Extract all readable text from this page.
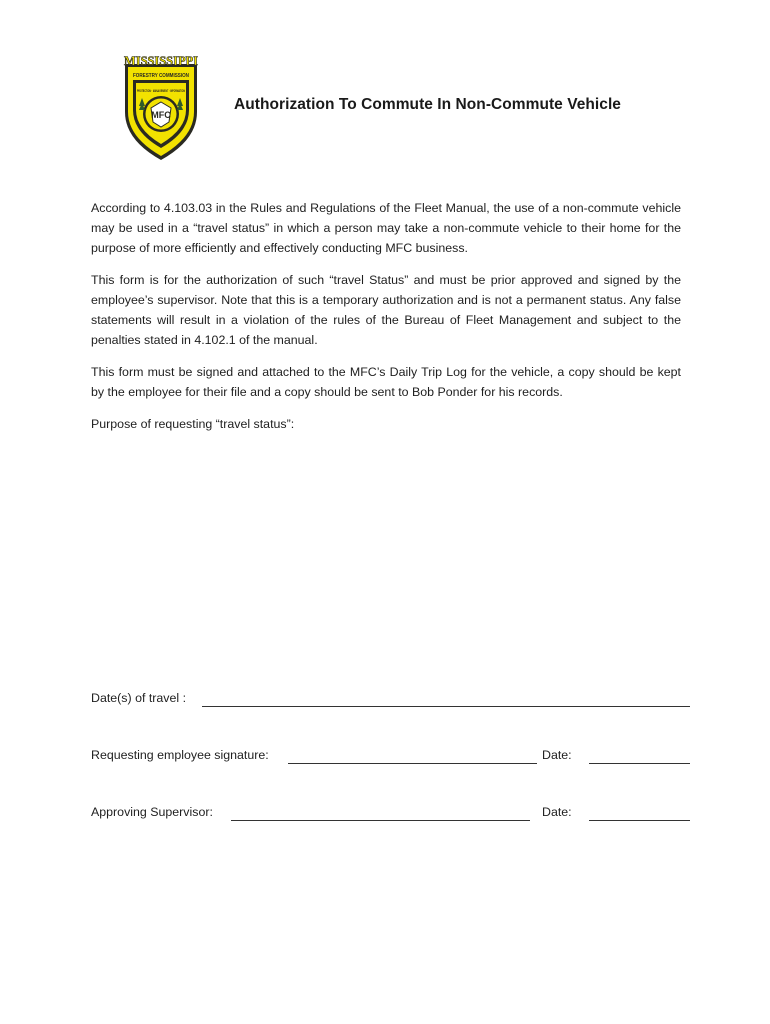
MISSISSIPPI
FORESTRY COMMISSION
PROTECTION · MANAGEMENT · INFORMATION
MFC
Authorization To Commute In Non-Commute Vehicle
According to 4.103.03 in the Rules and Regulations of the Fleet Manual, the use of a non-commute vehicle may be used in a “travel status” in which a person may take a non-commute vehicle to their home for the purpose of more efficiently and effectively conducting MFC business.
This form is for the authorization of such “travel Status” and must be prior approved and signed by the employee’s supervisor. Note that this is a temporary authorization and is not a permanent status. Any false statements will result in a violation of the rules of the Bureau of Fleet Management and subject to the penalties stated in 4.102.1 of the manual.
This form must be signed and attached to the MFC’s Daily Trip Log for the vehicle, a copy should be kept by the employee for their file and a copy should be sent to Bob Ponder for his records.
Purpose of requesting “travel status”:
Date(s) of travel :
Requesting employee signature:	Date:
Approving Supervisor:	Date:
